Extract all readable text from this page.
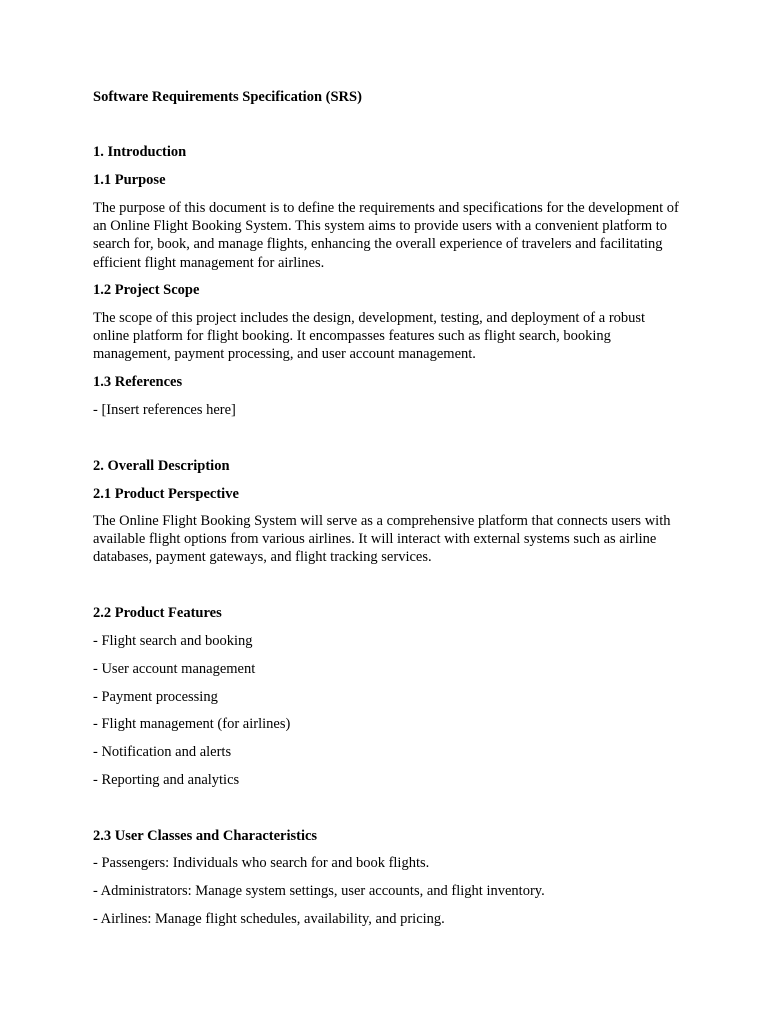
Software Requirements Specification (SRS)
1. Introduction
1.1 Purpose
The purpose of this document is to define the requirements and specifications for the development of an Online Flight Booking System. This system aims to provide users with a convenient platform to search for, book, and manage flights, enhancing the overall experience of travelers and facilitating efficient flight management for airlines.
1.2 Project Scope
The scope of this project includes the design, development, testing, and deployment of a robust online platform for flight booking. It encompasses features such as flight search, booking management, payment processing, and user account management.
1.3 References
- [Insert references here]
2. Overall Description
2.1 Product Perspective
The Online Flight Booking System will serve as a comprehensive platform that connects users with available flight options from various airlines. It will interact with external systems such as airline databases, payment gateways, and flight tracking services.
2.2 Product Features
- Flight search and booking
- User account management
- Payment processing
- Flight management (for airlines)
- Notification and alerts
- Reporting and analytics
2.3 User Classes and Characteristics
- Passengers: Individuals who search for and book flights.
- Administrators: Manage system settings, user accounts, and flight inventory.
- Airlines: Manage flight schedules, availability, and pricing.
